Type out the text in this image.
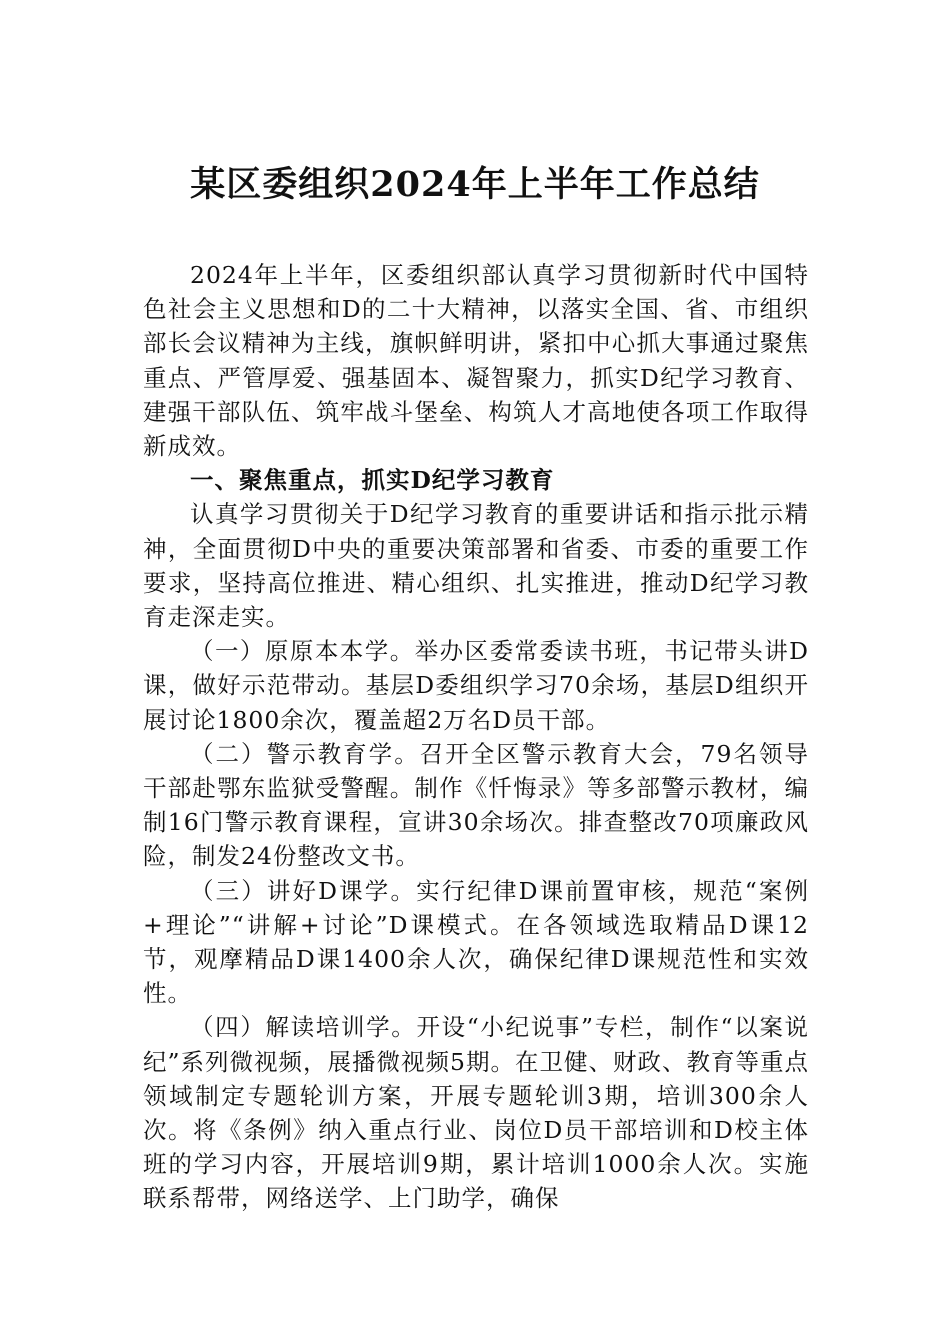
某区委组织2024年上半年工作总结

2024年上半年，区委组织部认真学习贯彻新时代中国特色社会主义思想和D的二十大精神，以落实全国、省、市组织部长会议精神为主线，旗帜鲜明讲，紧扣中心抓大事通过聚焦重点、严管厚爱、强基固本、凝智聚力，抓实D纪学习教育、建强干部队伍、筑牢战斗堡垒、构筑人才高地使各项工作取得新成效。

一、聚焦重点，抓实D纪学习教育

认真学习贯彻关于D纪学习教育的重要讲话和指示批示精神，全面贯彻D中央的重要决策部署和省委、市委的重要工作要求，坚持高位推进、精心组织、扎实推进，推动D纪学习教育走深走实。

（一）原原本本学。举办区委常委读书班，书记带头讲D课，做好示范带动。基层D委组织学习70余场，基层D组织开展讨论1800余次，覆盖超2万名D员干部。

（二）警示教育学。召开全区警示教育大会，79名领导干部赴鄂东监狱受警醒。制作《忏悔录》等多部警示教材，编制16门警示教育课程，宣讲30余场次。排查整改70项廉政风险，制发24份整改文书。

（三）讲好D课学。实行纪律D课前置审核，规范“案例+理论”“讲解+讨论”D课模式。在各领域选取精品D课12节，观摩精品D课1400余人次，确保纪律D课规范性和实效性。

（四）解读培训学。开设“小纪说事”专栏，制作“以案说纪”系列微视频，展播微视频5期。在卫健、财政、教育等重点领域制定专题轮训方案，开展专题轮训3期，培训300余人次。将《条例》纳入重点行业、岗位D员干部培训和D校主体班的学习内容，开展培训9期，累计培训1000余人次。实施联系帮带，网络送学、上门助学，确保
